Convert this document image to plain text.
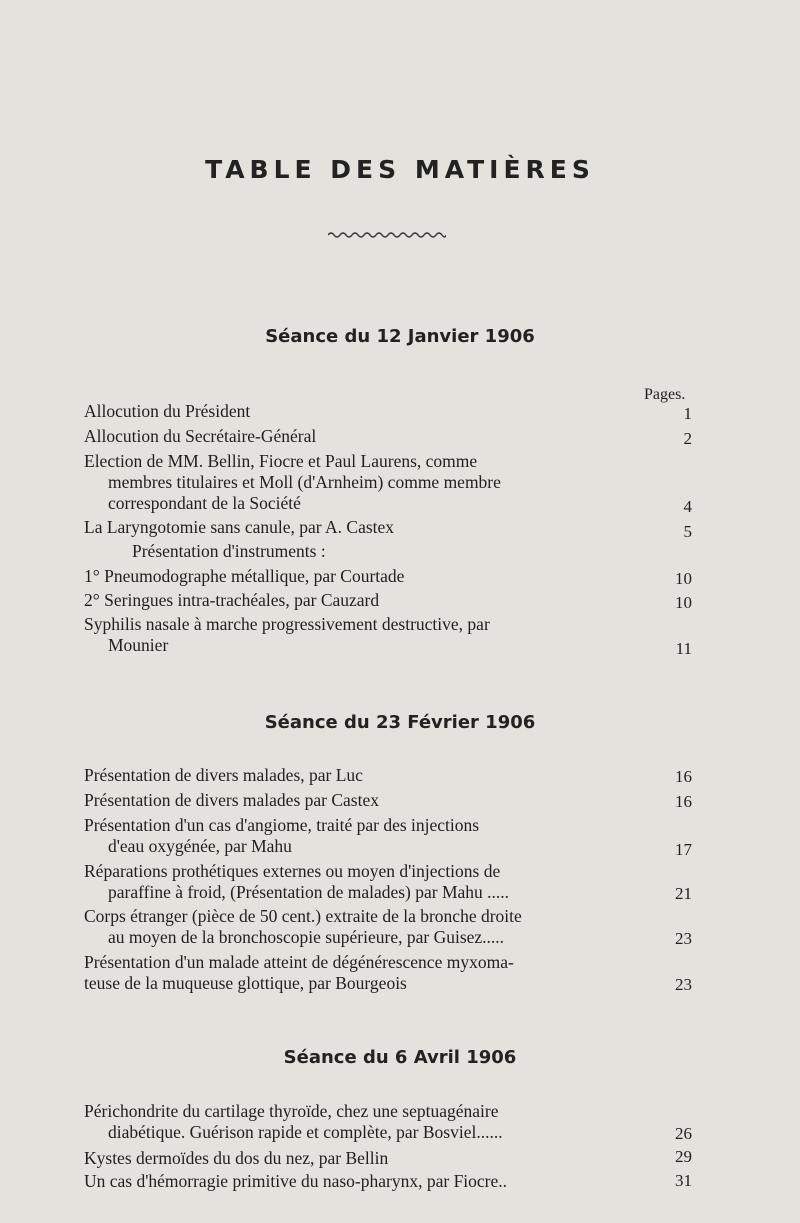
TABLE DES MATIÈRES
Séance du 12 Janvier 1906
Pages.
Allocution du Président	1
Allocution du Secrétaire-Général	2
Election de MM. Bellin, Fiocre et Paul Laurens, comme
membres titulaires et Moll (d'Arnheim) comme membre
correspondant de la Société	4
La Laryngotomie sans canule, par A. Castex	5
Présentation d'instruments :
1° Pneumodographe métallique, par Courtade	10
2° Seringues intra-trachéales, par Cauzard	10
Syphilis nasale à marche progressivement destructive, par
Mounier	11
Séance du 23 Février 1906
Présentation de divers malades, par Luc	16
Présentation de divers malades par Castex	16
Présentation d'un cas d'angiome, traité par des injections
d'eau oxygénée, par Mahu	17
Réparations prothétiques externes ou moyen d'injections de
paraffine à froid, (Présentation de malades) par Mahu .....	21
Corps étranger (pièce de 50 cent.) extraite de la bronche droite
au moyen de la bronchoscopie supérieure, par Guisez.....	23
Présentation d'un malade atteint de dégénérescence myxoma-
teuse de la muqueuse glottique, par Bourgeois	23
Séance du 6 Avril 1906
Périchondrite du cartilage thyroïde, chez une septuagénaire
diabétique. Guérison rapide et complète, par Bosviel......	26
Kystes dermoïdes du dos du nez, par Bellin	29
Un cas d'hémorragie primitive du naso-pharynx, par Fiocre..	31
